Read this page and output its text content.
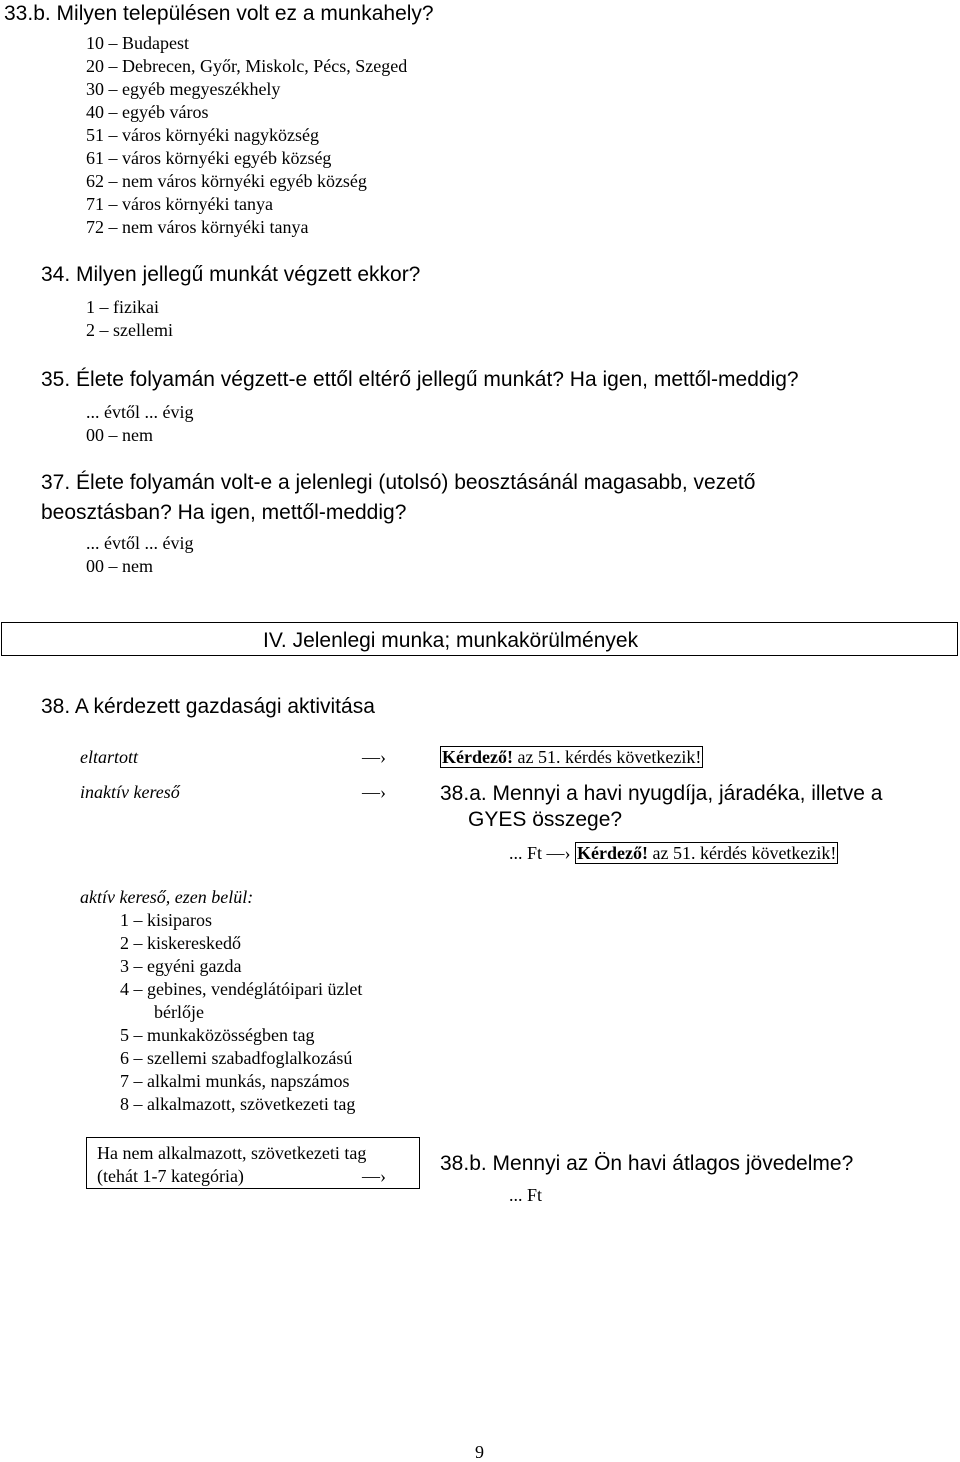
33.b. Milyen településen volt ez a munkahely?
10 – Budapest
20 – Debrecen, Győr, Miskolc, Pécs, Szeged
30 – egyéb megyeszékhely
40 – egyéb város
51 – város környéki nagyközség
61 – város környéki egyéb község
62 – nem város környéki egyéb község
71 – város környéki tanya
72 – nem város környéki tanya
34. Milyen jellegű munkát végzett ekkor?
1 – fizikai
2 – szellemi
35. Élete folyamán végzett-e ettől eltérő jellegű munkát? Ha igen, mettől-meddig?
... évtől ... évig
00 – nem
37. Élete folyamán volt-e a jelenlegi (utolsó) beosztásánál magasabb, vezető
beosztásban? Ha igen, mettől-meddig?
... évtől ... évig
00 – nem
IV. Jelenlegi munka; munkakörülmények
38. A kérdezett gazdasági aktivitása
eltartott	—›	Kérdező! az 51. kérdés következik!
inaktív kereső	—›	38.a. Mennyi a havi nyugdíja, járadéka, illetve a
GYES összege?
... Ft —› Kérdező! az 51. kérdés következik!
aktív kereső, ezen belül:
1 – kisiparos
2 – kiskereskedő
3 – egyéni gazda
4 – gebines, vendéglátóipari üzlet
bérlője
5 – munkaközösségben tag
6 – szellemi szabadfoglalkozású
7 – alkalmi munkás, napszámos
8 – alkalmazott, szövetkezeti tag
Ha nem alkalmazott, szövetkezeti tag
(tehát 1-7 kategória)	—›
38.b. Mennyi az Ön havi átlagos jövedelme?
... Ft
9
